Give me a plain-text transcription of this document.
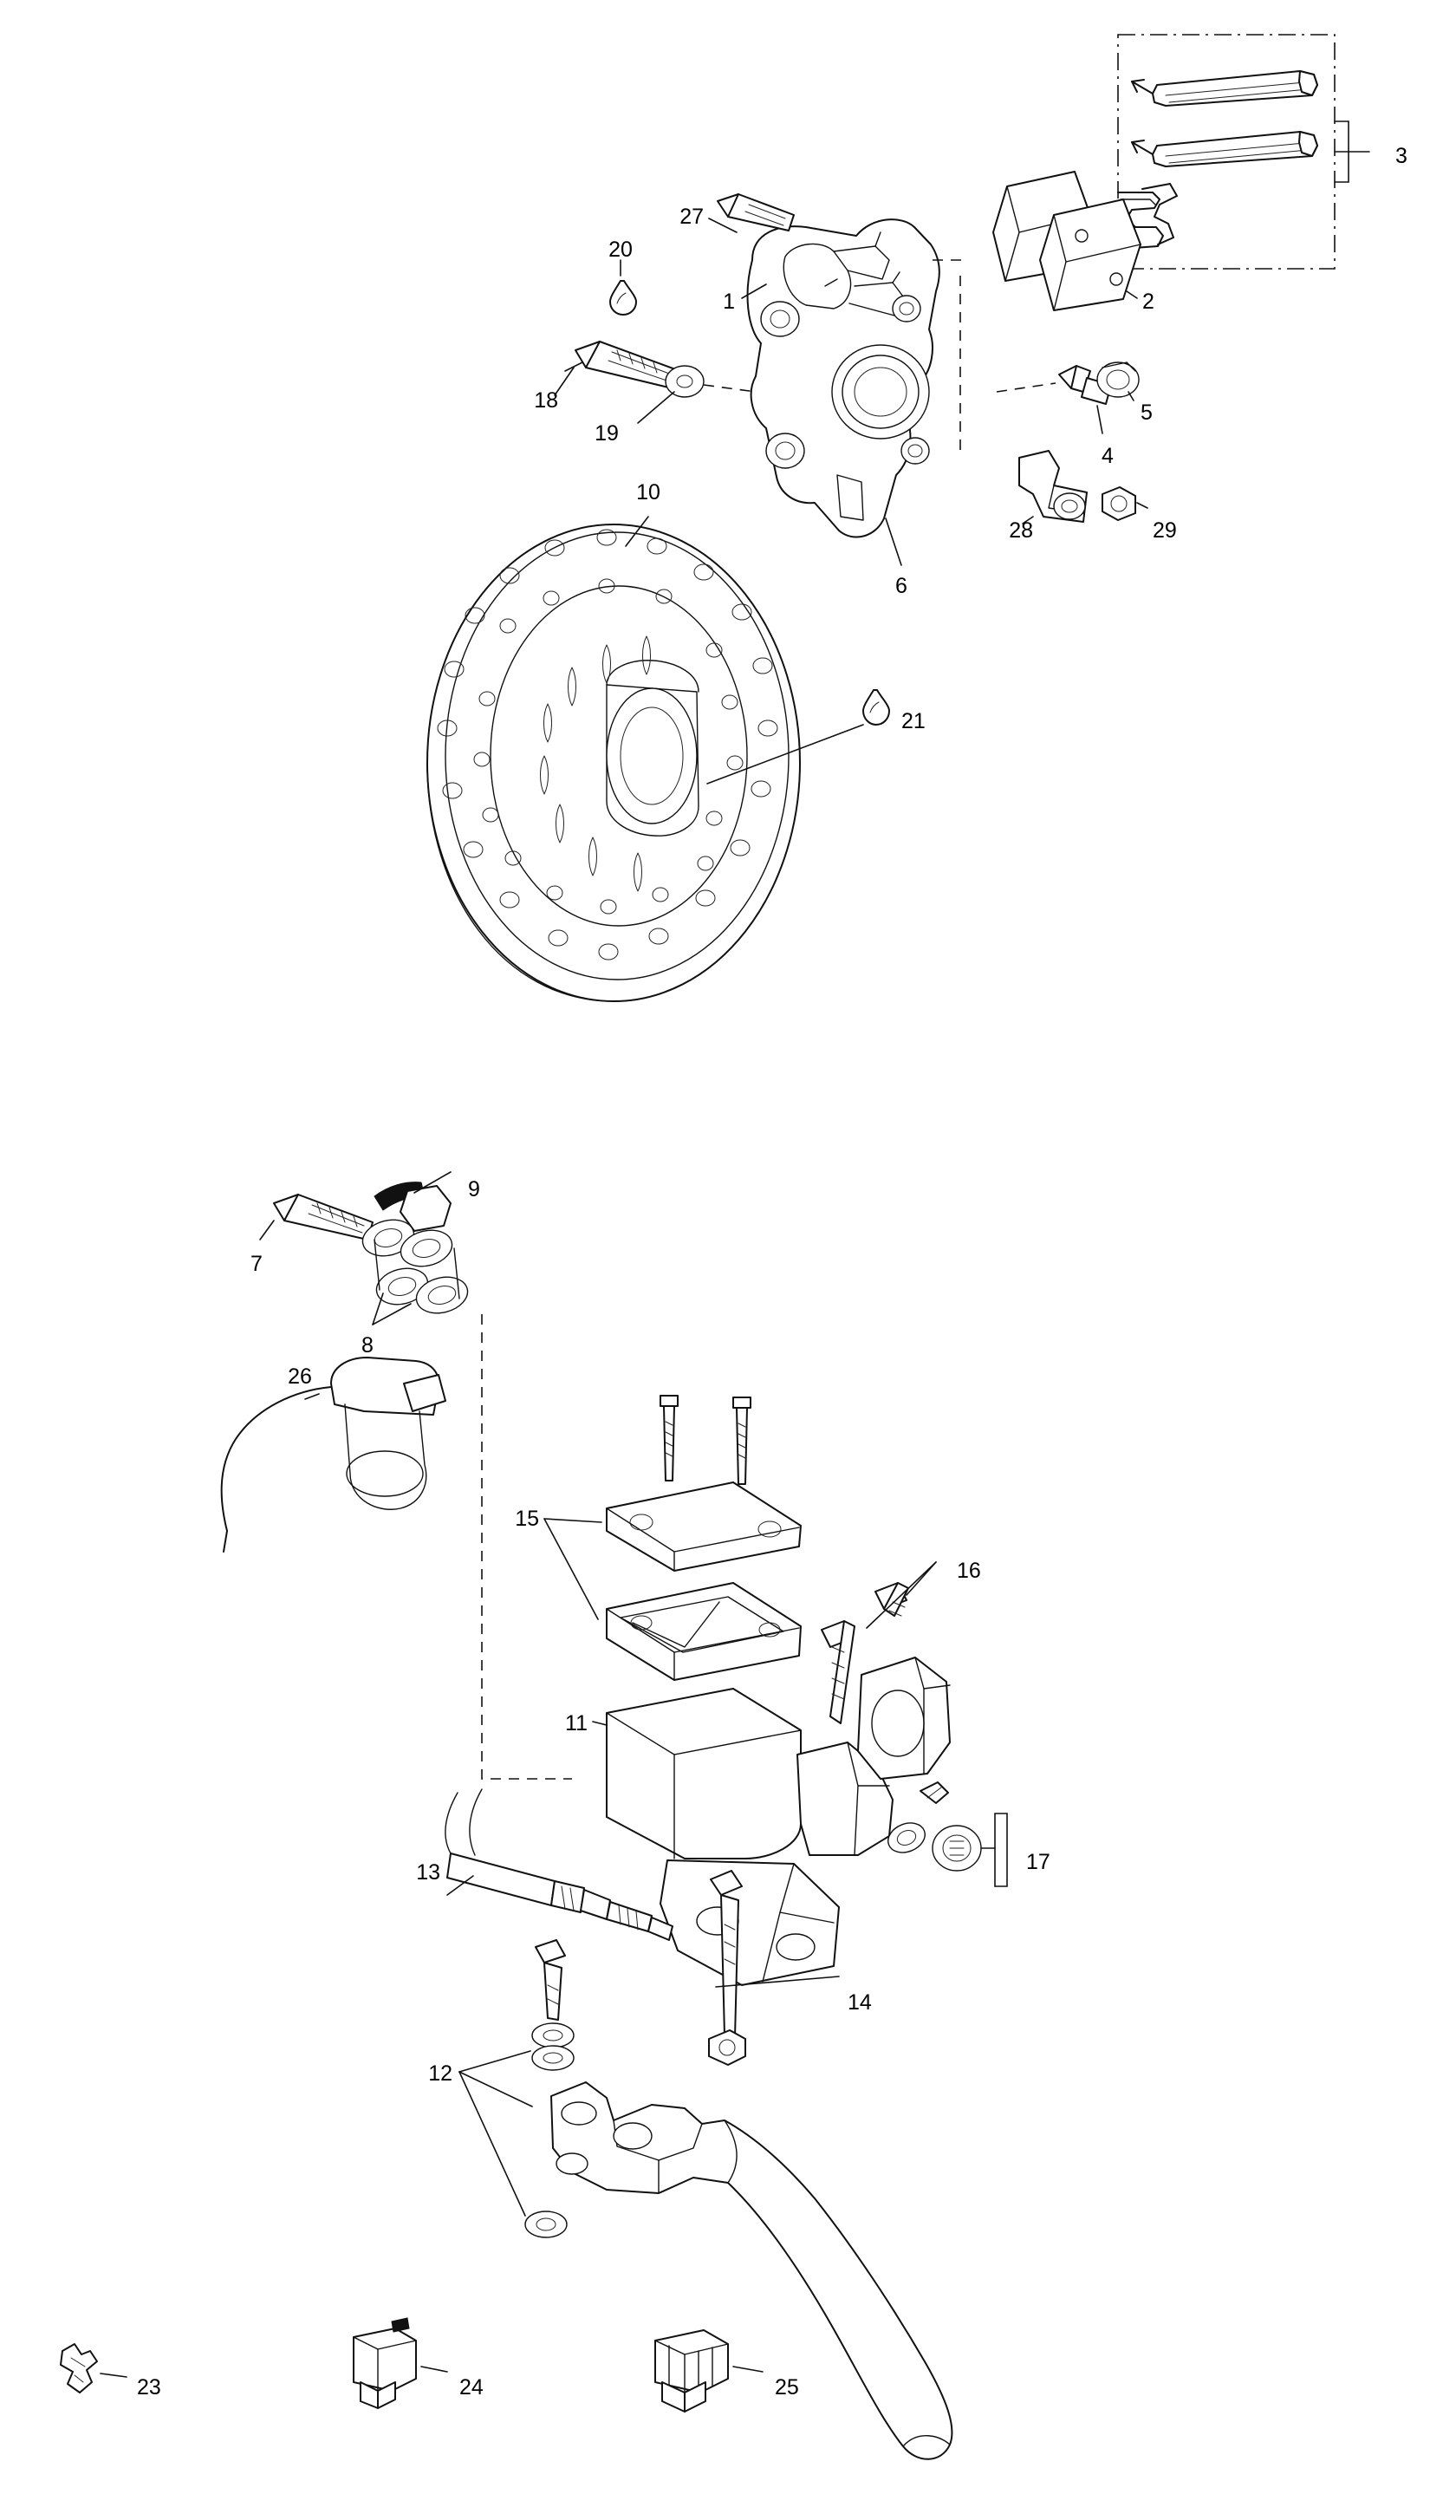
3
2
1
27
20
18
19
4
5
6
28	29
10
21
7
9
8
26
15
11
16
17
13
14
12
23	24	25
